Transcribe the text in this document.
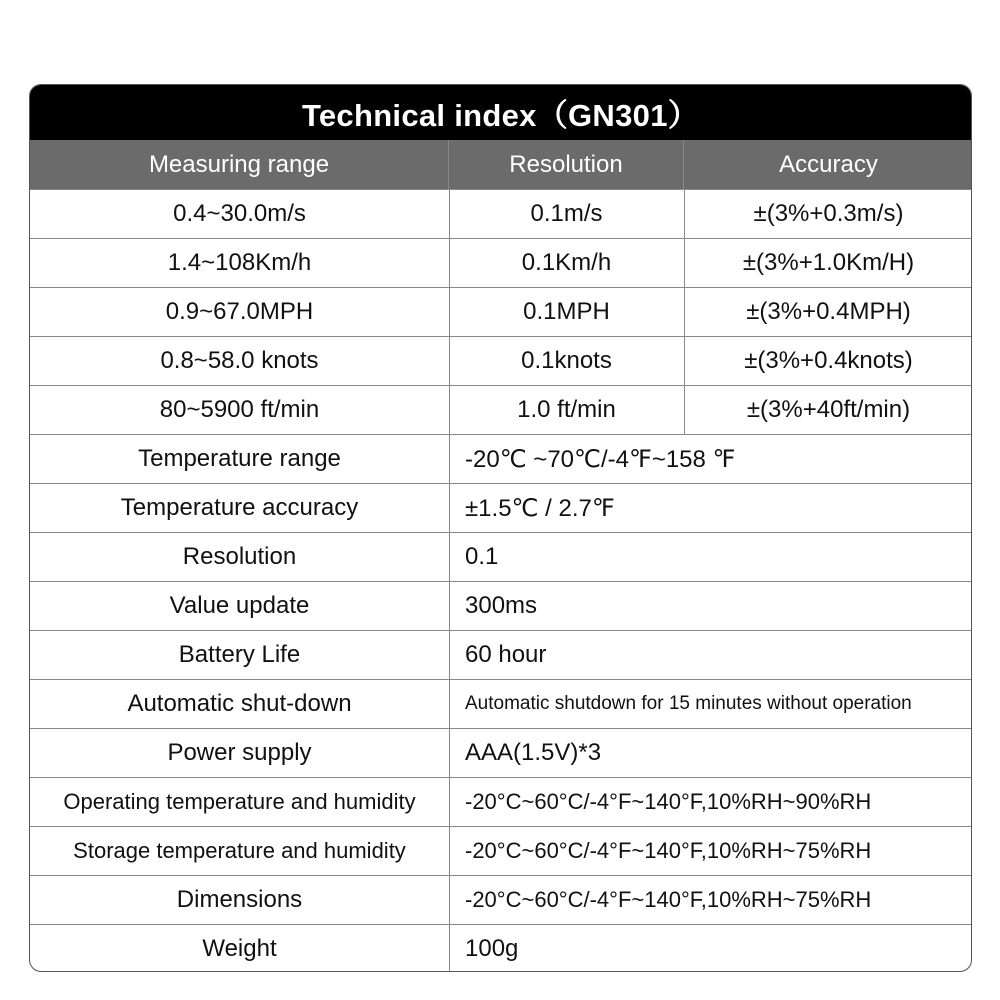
Technical index（GN301）
Measuring range	Resolution	Accuracy
0.4~30.0m/s	0.1m/s	±(3%+0.3m/s)
1.4~108Km/h	0.1Km/h	±(3%+1.0Km/H)
0.9~67.0MPH	0.1MPH	±(3%+0.4MPH)
0.8~58.0 knots	0.1knots	±(3%+0.4knots)
80~5900 ft/min	1.0 ft/min	±(3%+40ft/min)
Temperature range	-20℃ ~70℃/-4℉~158 ℉
Temperature accuracy	±1.5℃ / 2.7℉
Resolution	0.1
Value update	300ms
Battery Life	60 hour
Automatic shut-down	Automatic shutdown for 15 minutes without operation
Power supply	AAA(1.5V)*3
Operating temperature and humidity	-20°C~60°C/-4°F~140°F,10%RH~90%RH
Storage temperature and humidity	-20°C~60°C/-4°F~140°F,10%RH~75%RH
Dimensions	-20°C~60°C/-4°F~140°F,10%RH~75%RH
Weight	100g
